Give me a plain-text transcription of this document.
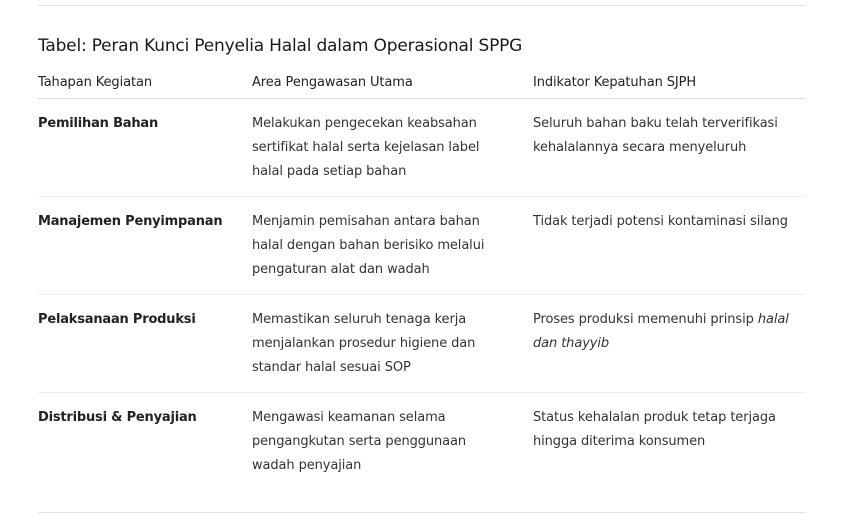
Tabel: Peran Kunci Penyelia Halal dalam Operasional SPPG
Tahapan Kegiatan	Area Pengawasan Utama	Indikator Kepatuhan SJPH
Pemilihan Bahan	Melakukan pengecekan keabsahan sertifikat halal serta kejelasan label halal pada setiap bahan	Seluruh bahan baku telah terverifikasi kehalalannya secara menyeluruh
Manajemen Penyimpanan	Menjamin pemisahan antara bahan halal dengan bahan berisiko melalui pengaturan alat dan wadah	Tidak terjadi potensi kontaminasi silang
Pelaksanaan Produksi	Memastikan seluruh tenaga kerja menjalankan prosedur higiene dan standar halal sesuai SOP	Proses produksi memenuhi prinsip halal dan thayyib
Distribusi & Penyajian	Mengawasi keamanan selama pengangkutan serta penggunaan wadah penyajian	Status kehalalan produk tetap terjaga hingga diterima konsumen
